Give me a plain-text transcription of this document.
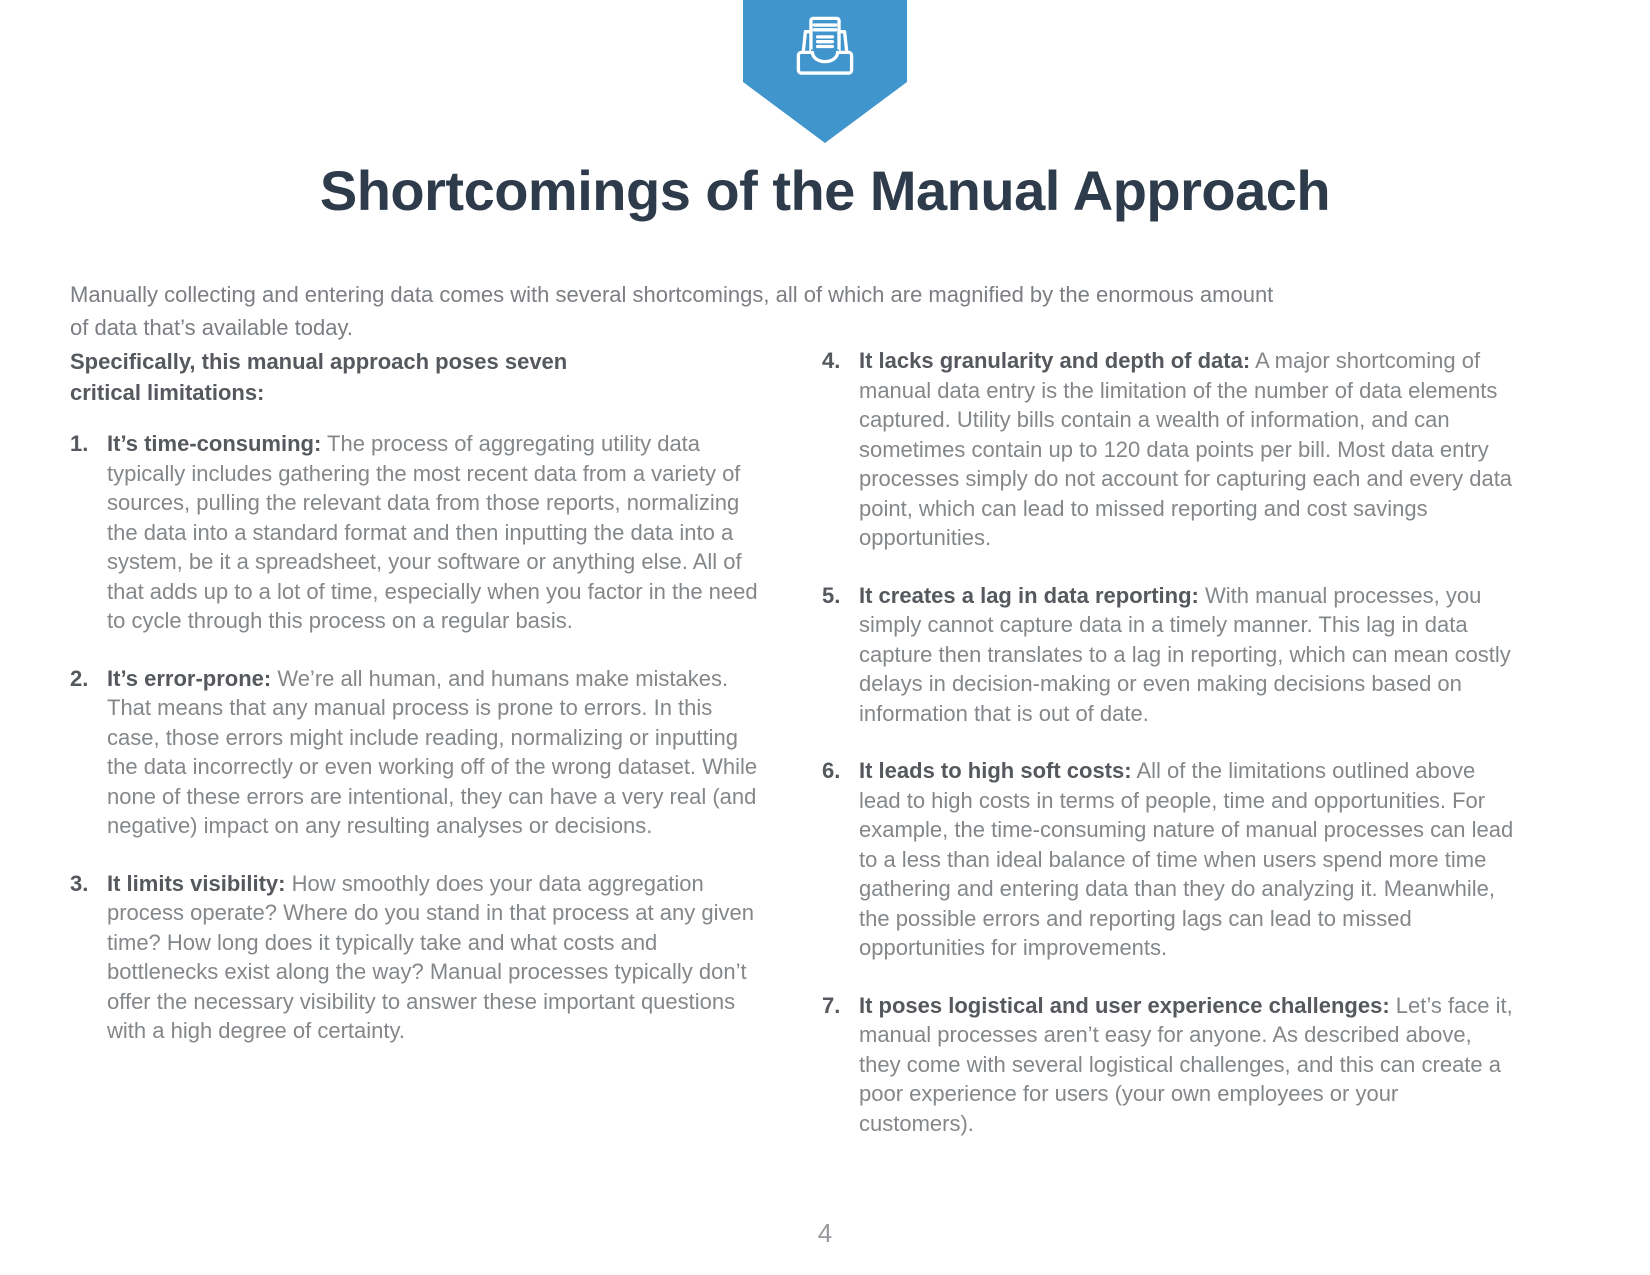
Shortcomings of the Manual Approach

Manually collecting and entering data comes with several shortcomings, all of which are magnified by the enormous amount
of data that’s available today.

Specifically, this manual approach poses seven
critical limitations:

1. It’s time-consuming: The process of aggregating utility data typically includes gathering the most recent data from a variety of sources, pulling the relevant data from those reports, normalizing the data into a standard format and then inputting the data into a system, be it a spreadsheet, your software or anything else. All of that adds up to a lot of time, especially when you factor in the need to cycle through this process on a regular basis.
2. It’s error-prone: We’re all human, and humans make mistakes. That means that any manual process is prone to errors. In this case, those errors might include reading, normalizing or inputting the data incorrectly or even working off of the wrong dataset. While none of these errors are intentional, they can have a very real (and negative) impact on any resulting analyses or decisions.
3. It limits visibility: How smoothly does your data aggregation process operate? Where do you stand in that process at any given time? How long does it typically take and what costs and bottlenecks exist along the way? Manual processes typically don’t offer the necessary visibility to answer these important questions with a high degree of certainty.
4. It lacks granularity and depth of data: A major shortcoming of manual data entry is the limitation of the number of data elements captured. Utility bills contain a wealth of information, and can sometimes contain up to 120 data points per bill. Most data entry processes simply do not account for capturing each and every data point, which can lead to missed reporting and cost savings opportunities.
5. It creates a lag in data reporting: With manual processes, you simply cannot capture data in a timely manner. This lag in data capture then translates to a lag in reporting, which can mean costly delays in decision-making or even making decisions based on information that is out of date.
6. It leads to high soft costs: All of the limitations outlined above lead to high costs in terms of people, time and opportunities. For example, the time-consuming nature of manual processes can lead to a less than ideal balance of time when users spend more time gathering and entering data than they do analyzing it. Meanwhile, the possible errors and reporting lags can lead to missed opportunities for improvements.
7. It poses logistical and user experience challenges: Let’s face it, manual processes aren’t easy for anyone. As described above, they come with several logistical challenges, and this can create a poor experience for users (your own employees or your customers).
4
